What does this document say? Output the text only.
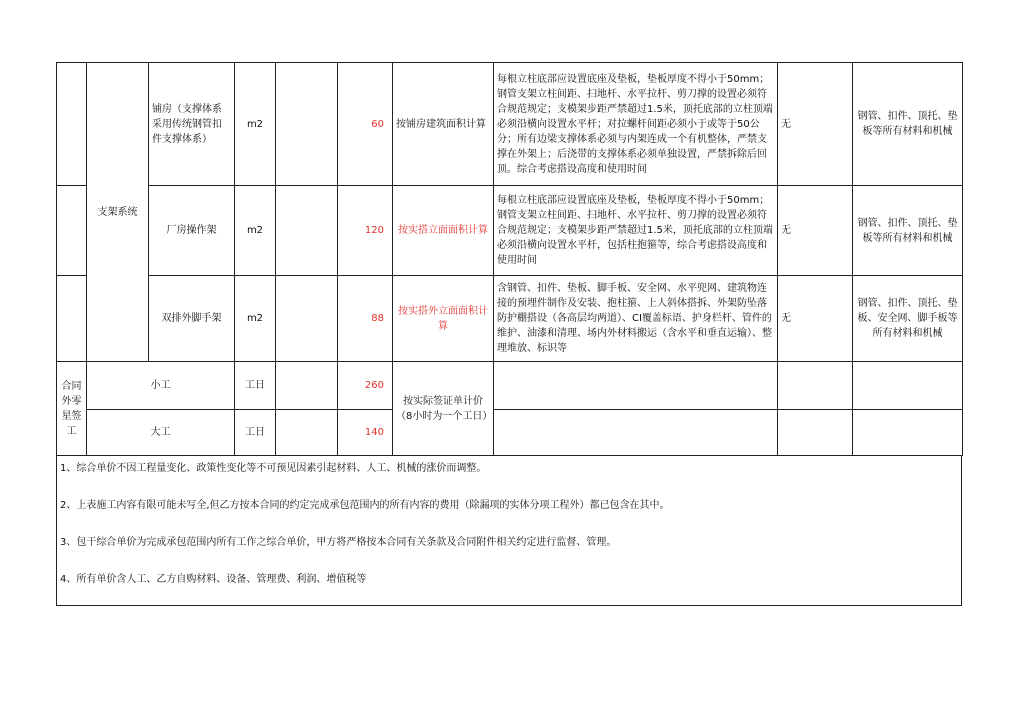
	支架系统	铺房（支撑体系采用传统钢管扣件支撑体系）	m2		60	按铺房建筑面积计算	每根立柱底部应设置底座及垫板，垫板厚度不得小于50mm；钢管支架立柱间距、扫地杆、水平拉杆、剪刀撑的设置必须符合规范规定；支模架步距严禁超过1.5米，顶托底部的立柱顶端必须沿横向设置水平杆；对拉螺杆间距必须小于或等于50公分；所有边梁支撑体系必须与内架连成一个有机整体，严禁支撑在外架上；后浇带的支撑体系必须单独设置，严禁拆除后回顶。综合考虑搭设高度和使用时间	无	钢管、扣件、顶托、垫板等所有材料和机械
		厂房操作架	m2		120	按实搭立面面积计算	每根立柱底部应设置底座及垫板，垫板厚度不得小于50mm；钢管支架立柱间距、扫地杆、水平拉杆、剪刀撑的设置必须符合规范规定；支模架步距严禁超过1.5米，顶托底部的立柱顶端必须沿横向设置水平杆，包括柱抱箍等，综合考虑搭设高度和使用时间	无	钢管、扣件、顶托、垫板等所有材料和机械
		双排外脚手架	m2		88	按实搭外立面面积计算	含钢管、扣件、垫板、脚手板、安全网、水平兜网、建筑物连接的预埋件制作及安装、抱柱箍、上人斜体搭拆、外架防坠落防护棚搭设（各高层均两道）、CI覆盖标语、护身栏杆、管件的维护、油漆和清理、场内外材料搬运（含水平和垂直运输）、整理堆放、标识等	无	钢管、扣件、顶托、垫板、安全网、脚手板等所有材料和机械
合同外零星签工	小工		工日		260	按实际签证单计价（8小时为一个工日）			
	大工		工日		140				

1、综合单价不因工程量变化、政策性变化等不可预见因素引起材料、人工、机械的涨价而调整。

2、上表施工内容有限可能未写全,但乙方按本合同的约定完成承包范围内的所有内容的费用（除漏项的实体分项工程外）都已包含在其中。

3、包干综合单价为完成承包范围内所有工作之综合单价，甲方将严格按本合同有关条款及合同附件相关约定进行监督、管理。

4、所有单价含人工、乙方自购材料、设备、管理费、利润、增值税等
